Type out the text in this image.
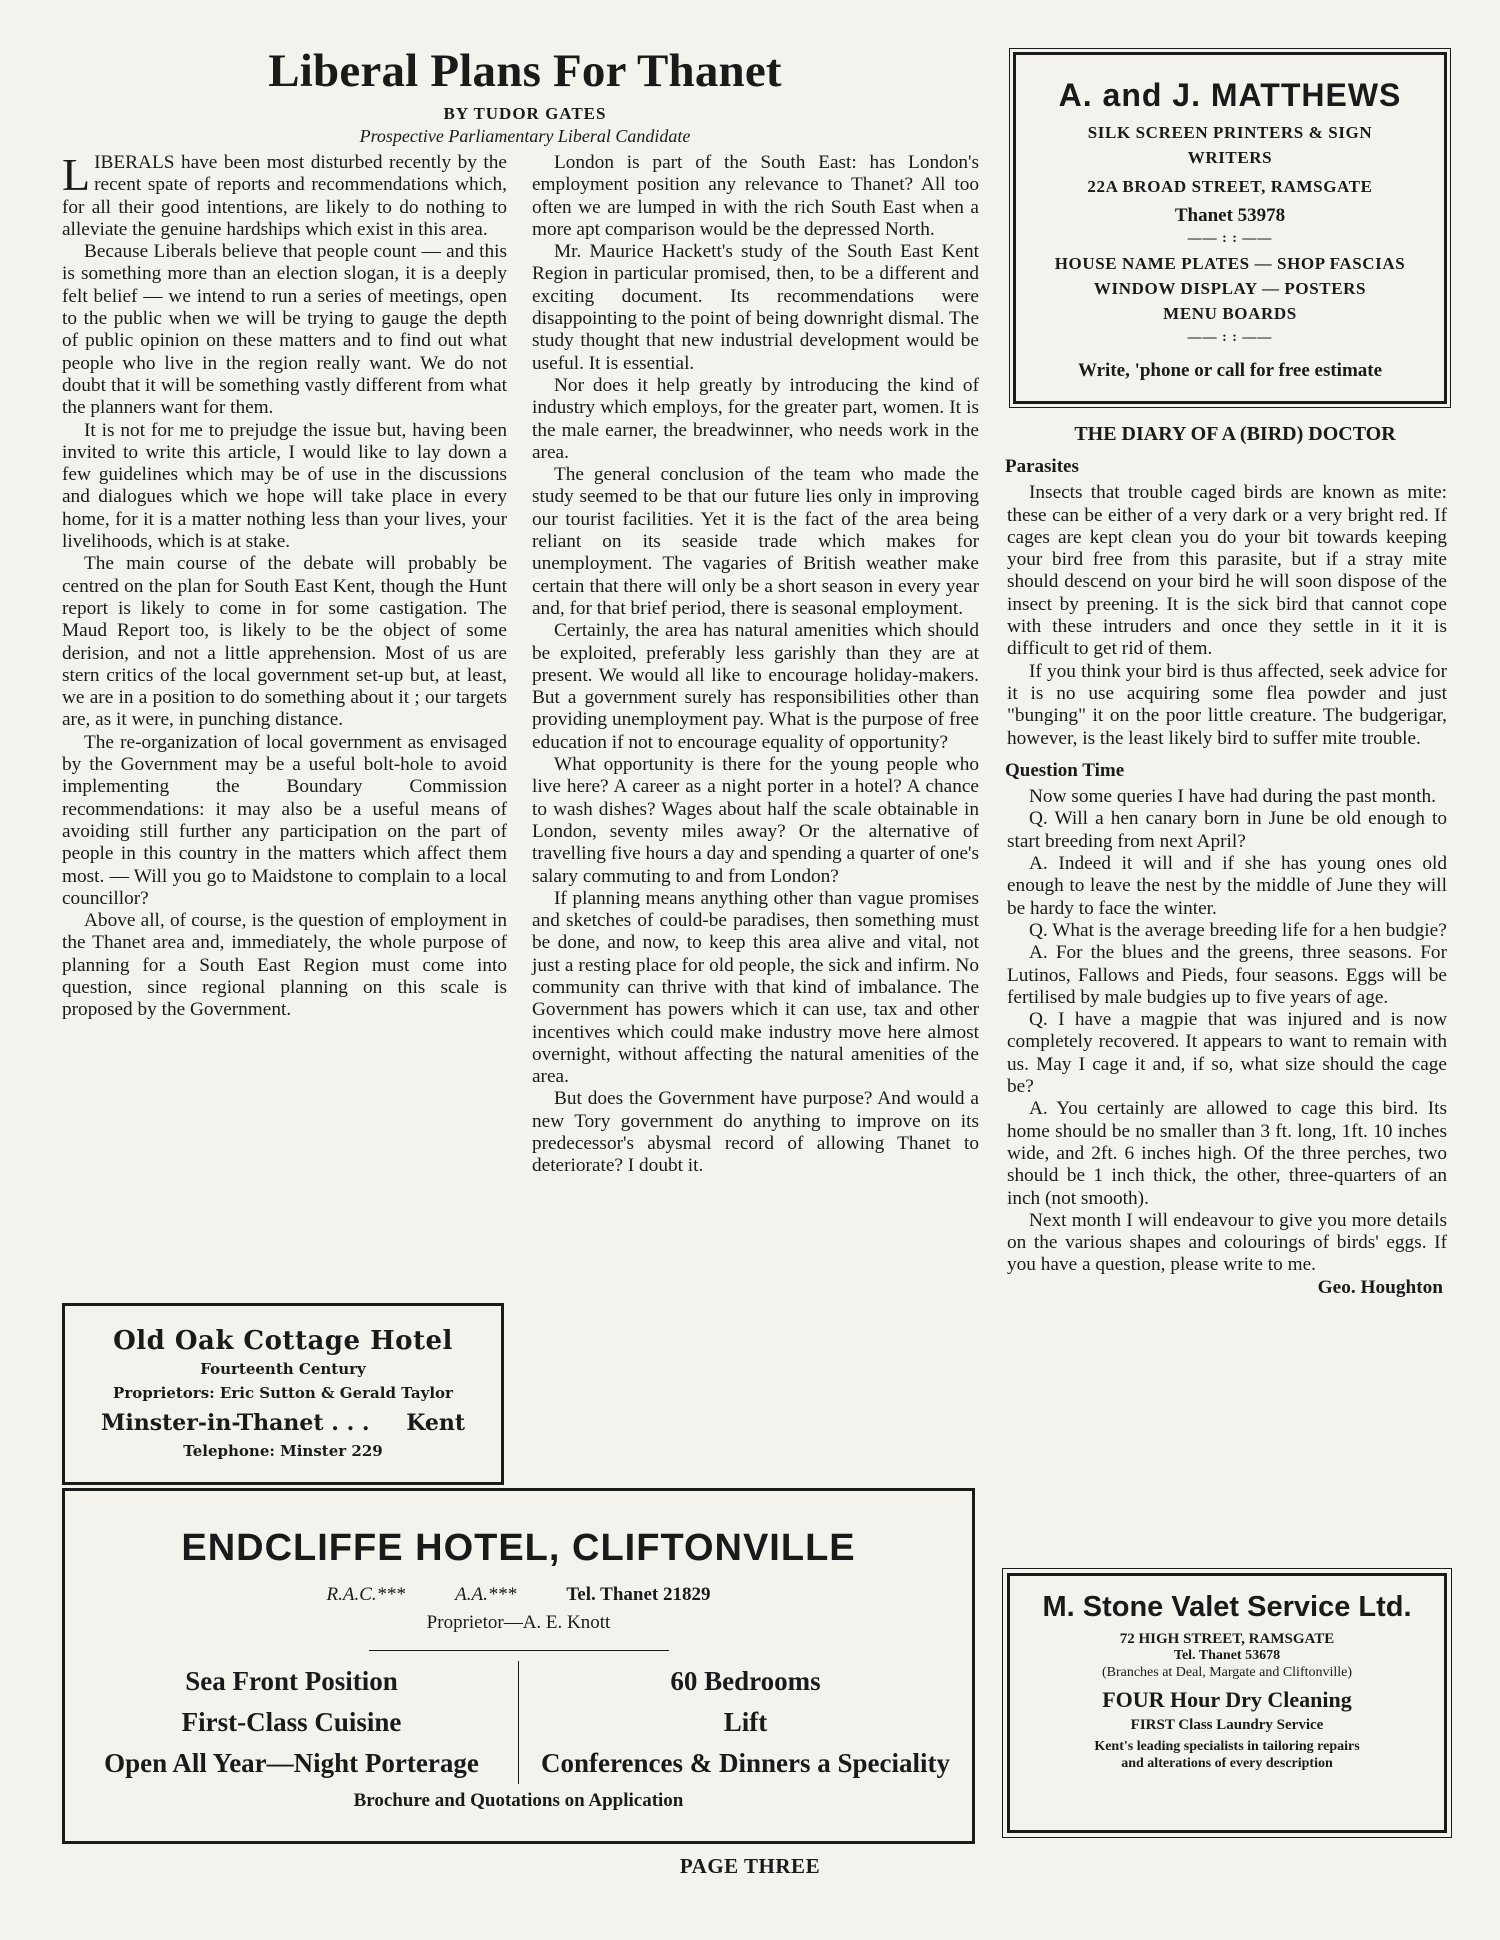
Liberal Plans For Thanet
BY TUDOR GATES
Prospective Parliamentary Liberal Candidate

LIBERALS have been most disturbed recently by the recent spate of reports and recommendations which, for all their good intentions, are likely to do nothing to alleviate the genuine hardships which exist in this area.

Because Liberals believe that people count — and this is something more than an election slogan, it is a deeply felt belief — we intend to run a series of meetings, open to the public when we will be trying to gauge the depth of public opinion on these matters and to find out what people who live in the region really want. We do not doubt that it will be something vastly different from what the planners want for them.

It is not for me to prejudge the issue but, having been invited to write this article, I would like to lay down a few guidelines which may be of use in the discussions and dialogues which we hope will take place in every home, for it is a matter nothing less than your lives, your livelihoods, which is at stake.

The main course of the debate will probably be centred on the plan for South East Kent, though the Hunt report is likely to come in for some castigation. The Maud Report too, is likely to be the object of some derision, and not a little apprehension. Most of us are stern critics of the local government set-up but, at least, we are in a position to do something about it ; our targets are, as it were, in punching distance.

The re-organization of local government as envisaged by the Government may be a useful bolt-hole to avoid implementing the Boundary Commission recommendations: it may also be a useful means of avoiding still further any participation on the part of people in this country in the matters which affect them most. — Will you go to Maidstone to complain to a local councillor?

Above all, of course, is the question of employment in the Thanet area and, immediately, the whole purpose of planning for a South East Region must come into question, since regional planning on this scale is proposed by the Government.

London is part of the South East: has London's employment position any relevance to Thanet? All too often we are lumped in with the rich South East when a more apt comparison would be the depressed North.

Mr. Maurice Hackett's study of the South East Kent Region in particular promised, then, to be a different and exciting document. Its recommendations were disappointing to the point of being downright dismal. The study thought that new industrial development would be useful. It is essential.

Nor does it help greatly by introducing the kind of industry which employs, for the greater part, women. It is the male earner, the breadwinner, who needs work in the area.

The general conclusion of the team who made the study seemed to be that our future lies only in improving our tourist facilities. Yet it is the fact of the area being reliant on its seaside trade which makes for unemployment. The vagaries of British weather make certain that there will only be a short season in every year and, for that brief period, there is seasonal employment.

Certainly, the area has natural amenities which should be exploited, preferably less garishly than they are at present. We would all like to encourage holiday-makers. But a government surely has responsibilities other than providing unemployment pay. What is the purpose of free education if not to encourage equality of opportunity?

What opportunity is there for the young people who live here? A career as a night porter in a hotel? A chance to wash dishes? Wages about half the scale obtainable in London, seventy miles away? Or the alternative of travelling five hours a day and spending a quarter of one's salary commuting to and from London?

If planning means anything other than vague promises and sketches of could-be paradises, then something must be done, and now, to keep this area alive and vital, not just a resting place for old people, the sick and infirm. No community can thrive with that kind of imbalance. The Government has powers which it can use, tax and other incentives which could make industry move here almost overnight, without affecting the natural amenities of the area.

But does the Government have purpose? And would a new Tory government do anything to improve on its predecessor's abysmal record of allowing Thanet to deteriorate? I doubt it.

A. and J. MATTHEWS
SILK SCREEN PRINTERS & SIGN
WRITERS
22A BROAD STREET, RAMSGATE
Thanet 53978
—— : : ——
HOUSE NAME PLATES — SHOP FASCIAS
WINDOW DISPLAY — POSTERS
MENU BOARDS
—— : : ——
Write, 'phone or call for free estimate
THE DIARY OF A (BIRD) DOCTOR

Parasites

Insects that trouble caged birds are known as mite: these can be either of a very dark or a very bright red. If cages are kept clean you do your bit towards keeping your bird free from this parasite, but if a stray mite should descend on your bird he will soon dispose of the insect by preening. It is the sick bird that cannot cope with these intruders and once they settle in it it is difficult to get rid of them.

If you think your bird is thus affected, seek advice for it is no use acquiring some flea powder and just "bunging" it on the poor little creature. The budgerigar, however, is the least likely bird to suffer mite trouble.

Question Time

Now some queries I have had during the past month.

Q. Will a hen canary born in June be old enough to start breeding from next April?

A. Indeed it will and if she has young ones old enough to leave the nest by the middle of June they will be hardy to face the winter.

Q. What is the average breeding life for a hen budgie?

A. For the blues and the greens, three seasons. For Lutinos, Fallows and Pieds, four seasons. Eggs will be fertilised by male budgies up to five years of age.

Q. I have a magpie that was injured and is now completely recovered. It appears to want to remain with us. May I cage it and, if so, what size should the cage be?

A. You certainly are allowed to cage this bird. Its home should be no smaller than 3 ft. long, 1ft. 10 inches wide, and 2ft. 6 inches high. Of the three perches, two should be 1 inch thick, the other, three-quarters of an inch (not smooth).

Next month I will endeavour to give you more details on the various shapes and colourings of birds' eggs. If you have a question, please write to me.

Geo. Houghton

Old Oak Cottage Hotel
Fourteenth Century
Proprietors: Eric Sutton & Gerald Taylor
Minster-in-Thanet . . . Kent
Telephone: Minster 229
ENDCLIFFE HOTEL, CLIFTONVILLE
R.A.C.***	A.A.***	Tel. Thanet 21829
Proprietor—A. E. Knott
Sea Front Position
First-Class Cuisine
Open All Year—Night Porterage
60 Bedrooms
Lift
Conferences & Dinners a Speciality
Brochure and Quotations on Application
M. Stone Valet Service Ltd.
72 HIGH STREET, RAMSGATE
Tel. Thanet 53678
(Branches at Deal, Margate and Cliftonville)
FOUR Hour Dry Cleaning
FIRST Class Laundry Service
Kent's leading specialists in tailoring repairs
and alterations of every description
PAGE THREE
